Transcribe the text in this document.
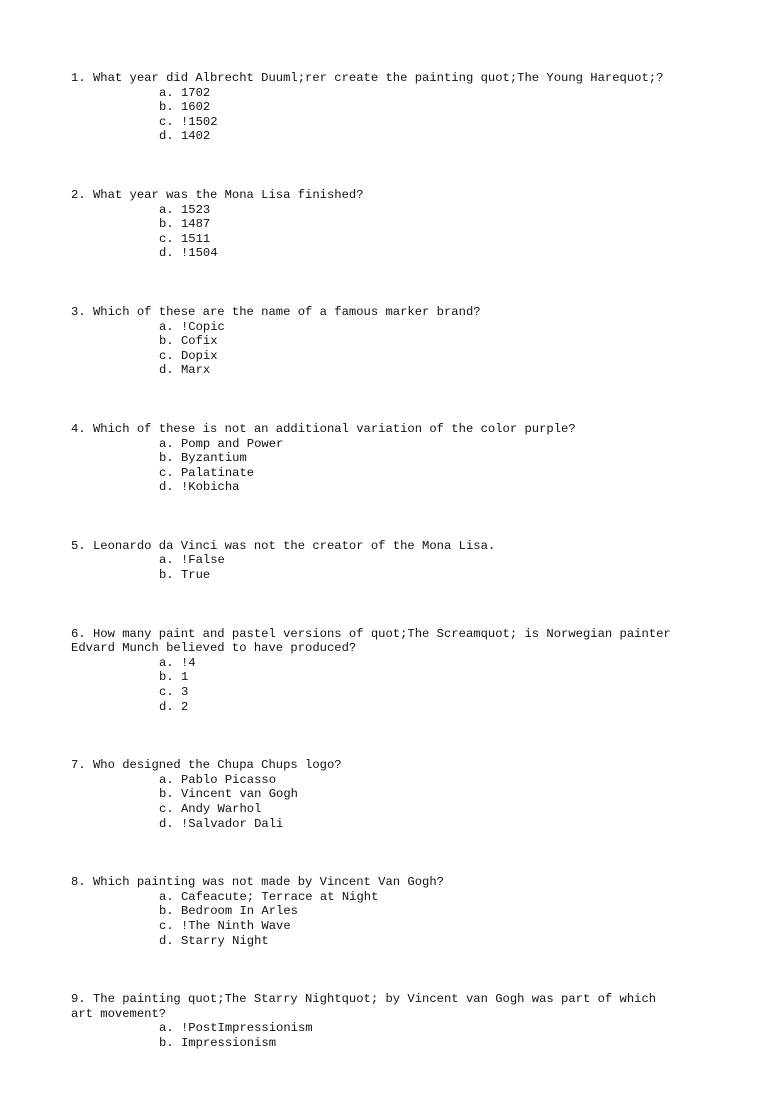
1. What year did Albrecht Duuml;rer create the painting quot;The Young Harequot;?

a. 1702
b. 1602
c. !1502
d. 1402

2. What year was the Mona Lisa finished?

a. 1523
b. 1487
c. 1511
d. !1504

3. Which of these are the name of a famous marker brand?

a. !Copic
b. Cofix
c. Dopix
d. Marx

4. Which of these is not an additional variation of the color purple?

a. Pomp and Power
b. Byzantium
c. Palatinate
d. !Kobicha

5. Leonardo da Vinci was not the creator of the Mona Lisa.

a. !False
b. True

6. How many paint and pastel versions of quot;The Screamquot; is Norwegian painter
Edvard Munch believed to have produced?

a. !4
b. 1
c. 3
d. 2

7. Who designed the Chupa Chups logo?

a. Pablo Picasso
b. Vincent van Gogh
c. Andy Warhol
d. !Salvador Dali

8. Which painting was not made by Vincent Van Gogh?

a. Cafeacute; Terrace at Night
b. Bedroom In Arles
c. !The Ninth Wave
d. Starry Night

9. The painting quot;The Starry Nightquot; by Vincent van Gogh was part of which
art movement?

a. !PostImpressionism
b. Impressionism
